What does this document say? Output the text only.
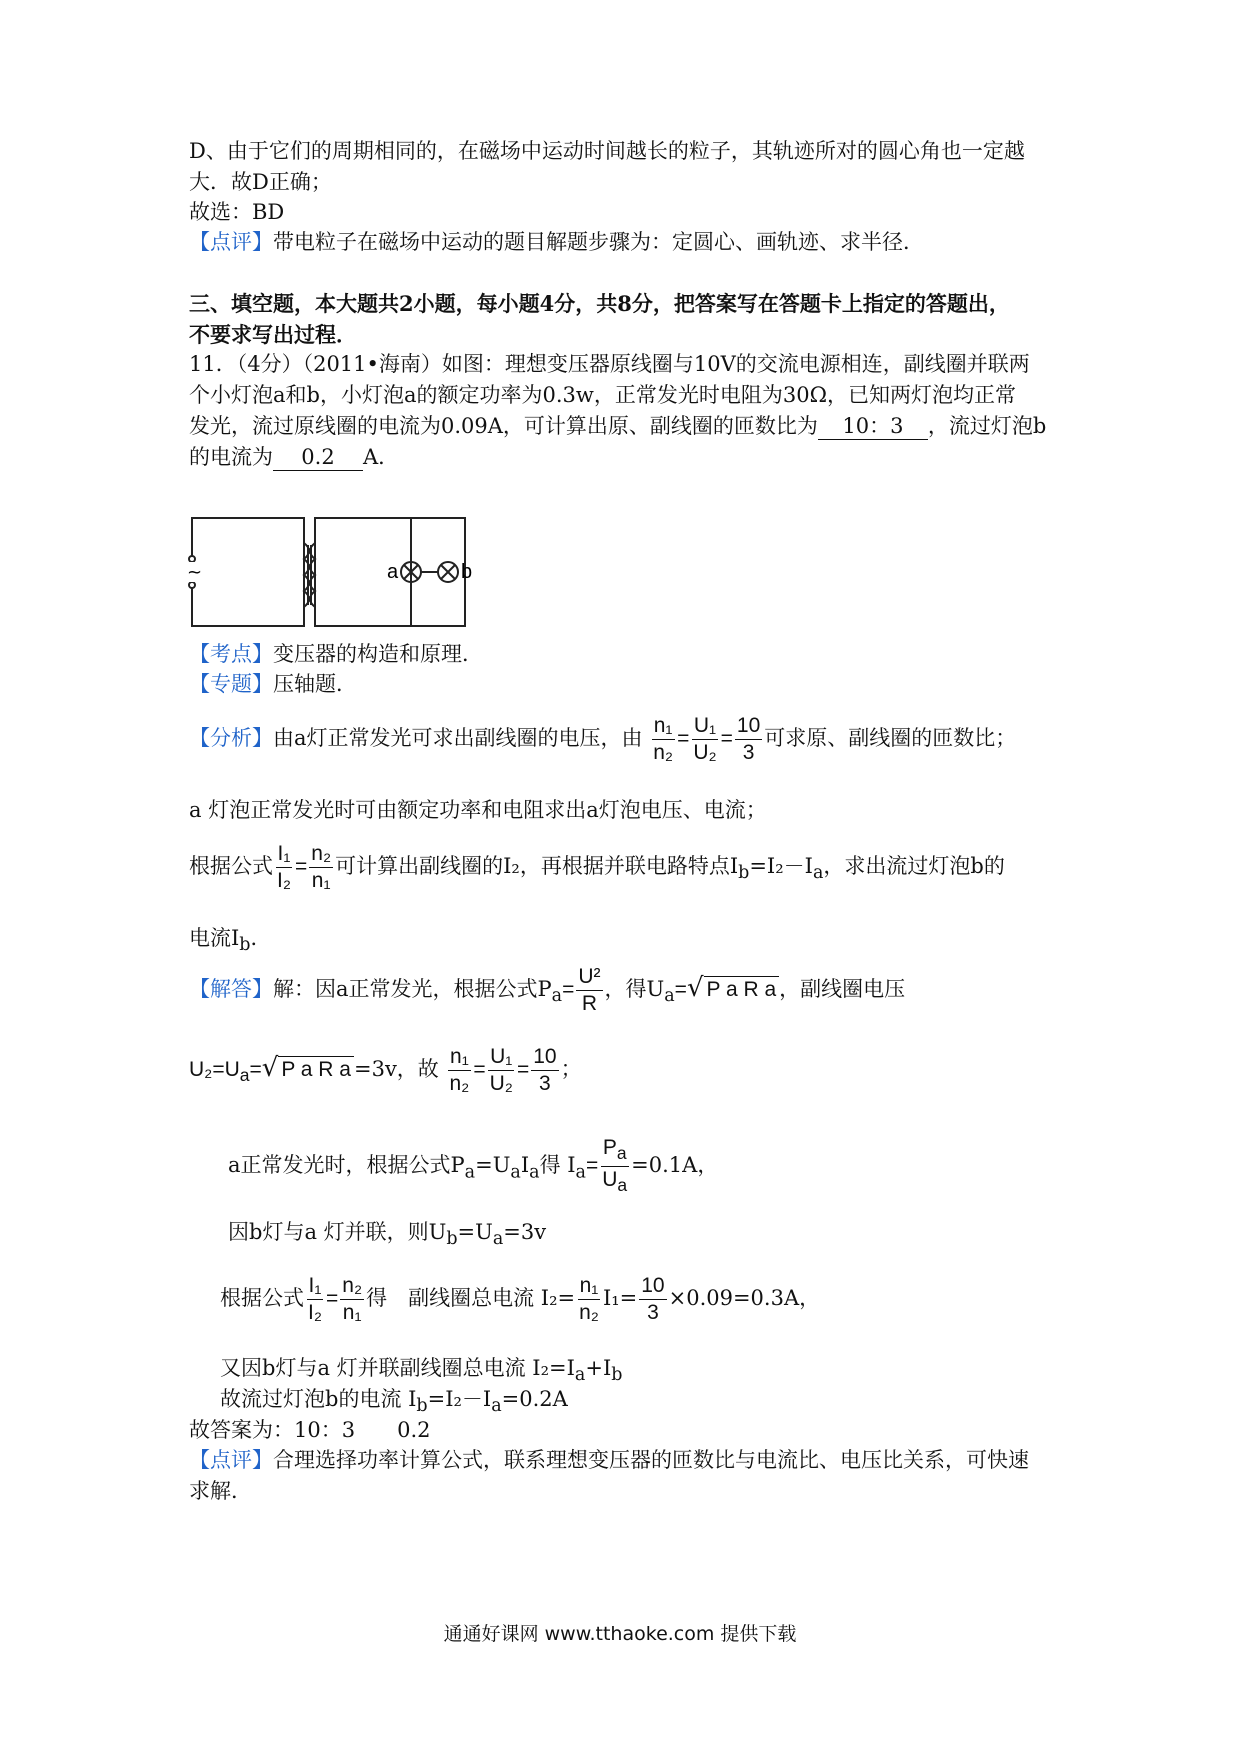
D、由于它们的周期相同的，在磁场中运动时间越长的粒子，其轨迹所对的圆心角也一定越
大．故D正确；
故选：BD
【点评】带电粒子在磁场中运动的题目解题步骤为：定圆心、画轨迹、求半径．
三、填空题，本大题共2小题，每小题4分，共8分，把答案写在答题卡上指定的答题出，
不要求写出过程．
11．（4分）（2011•海南）如图：理想变压器原线圈与10V的交流电源相连，副线圈并联两
个小灯泡a和b，小灯泡a的额定功率为0.3w，正常发光时电阻为30Ω，已知两灯泡均正常
发光，流过原线圈的电流为0.09A，可计算出原、副线圈的匝数比为 10：3 ，流过灯泡b
的电流为 0.2 A．
~	a	b
【考点】变压器的构造和原理．
【专题】压轴题．
【分析】由a灯正常发光可求出副线圈的电压，由 $\frac{\text{n₁}}{\text{n₂}} = \frac{\text{U₁}}{\text{U₂}} = \frac{10}{3}$ 可求原、副线圈的匝数比；
a 灯泡正常发光时可由额定功率和电阻求出a灯泡电压、电流；
根据公式 $\frac{\text{I₁}}{\text{I₂}} = \frac{\text{n₂}}{\text{n₁}}$ 可计算出副线圈的I₂，再根据并联电路特点$I_b=I_2-I_a$，求出流过灯泡b的
电流$I_b$．
【解答】解：因a正常发光，根据公式$P_a= \frac{\text{U²}}{R}$ ，得$U_a=√$ P a R a ，副线圈电压
$U_2=U_a=√$ P a R a =3v，故 $\frac{\text{n₁}}{\text{n₂}} = \frac{\text{U₁}}{\text{U₂}} = \frac{10}{3}$ ；
a正常发光时，根据公式$P_a=U_aI_a$得 $I_a= \frac{P_a}{U_a} =0.1A$，
因b灯与a 灯并联，则$U_b=U_a=3v$
根据公式 $\frac{\text{I₁}}{\text{I₂}} = \frac{\text{n₂}}{\text{n₁}}$ 得　副线圈总电流 $I_2= \frac{\text{n₁}}{\text{n₂}} I_1= \frac{10}{3} \times 0.09=0.3A$，
又因b灯与a 灯并联副线圈总电流 $I_2=I_a+I_b$
故流过灯泡b的电流 $I_b=I_2-I_a=0.2A$
故答案为：10：3　　0.2
【点评】合理选择功率计算公式，联系理想变压器的匝数比与电流比、电压比关系，可快速
求解．
通通好课网 www.tthaoke.com 提供下载
